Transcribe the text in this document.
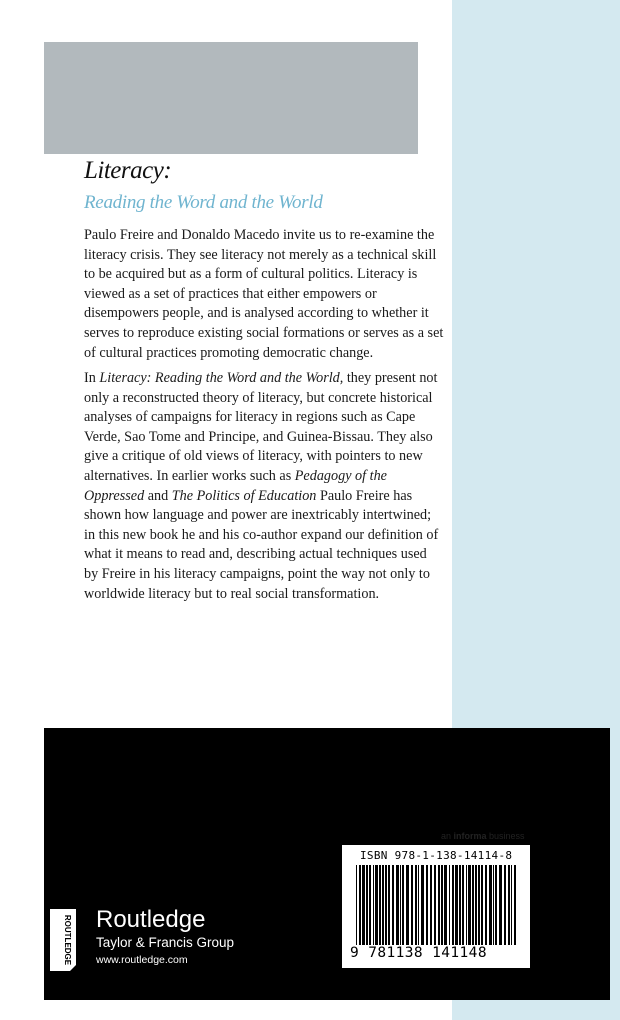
Literacy:
Reading the Word and the World

Paulo Freire and Donaldo Macedo invite us to re-examine the literacy crisis. They see literacy not merely as a technical skill to be acquired but as a form of cultural politics. Literacy is viewed as a set of practices that either empowers or disempowers people, and is analysed according to whether it serves to reproduce existing social formations or serves as a set of cultural practices promoting democratic change.

In Literacy: Reading the Word and the World, they present not only a reconstructed theory of literacy, but concrete historical analyses of campaigns for literacy in regions such as Cape Verde, Sao Tome and Principe, and Guinea-Bissau. They also give a critique of old views of literacy, with pointers to new alternatives. In earlier works such as Pedagogy of the Oppressed and The Politics of Education Paulo Freire has shown how language and power are inextricably intertwined; in this new book he and his co-author expand our definition of what it means to read and, describing actual techniques used by Freire in his literacy campaigns, point the way not only to worldwide literacy but to real social transformation.

an informa business
ISBN 978-1-138-14114-8
9 781138 141148
ROUTLEDGE Routledge
Taylor & Francis Group
www.routledge.com
